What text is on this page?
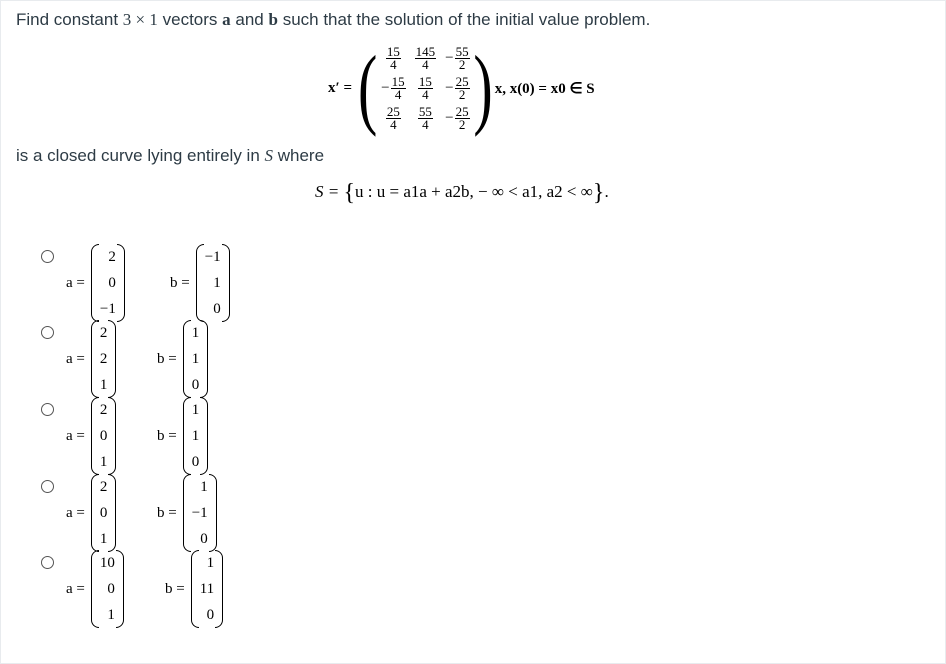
Find constant 3 × 1 vectors a and b such that the solution of the initial value problem.
x′ = ( $\frac{15}{4} \frac{145}{4} - \frac{55}{2}$
− $\frac{15}{4} \frac{15}{4} - \frac{25}{2}$
$\frac{25}{4} \frac{55}{4} - \frac{25}{2}$ ) x, x(0) = x0 ∈ S
is a closed curve lying entirely in S where
S = {u : u = a1a + a2b, − ∞ < a1, a2 < ∞}.
a =
2
0
−1
b =
−1
1
0
a =
2
2
1
b =
1
1
0
a =
2
0
1
b =
1
1
0
a =
2
0
1
b =
1
−1
0
a =
10
0
1
b =
1
11
0
